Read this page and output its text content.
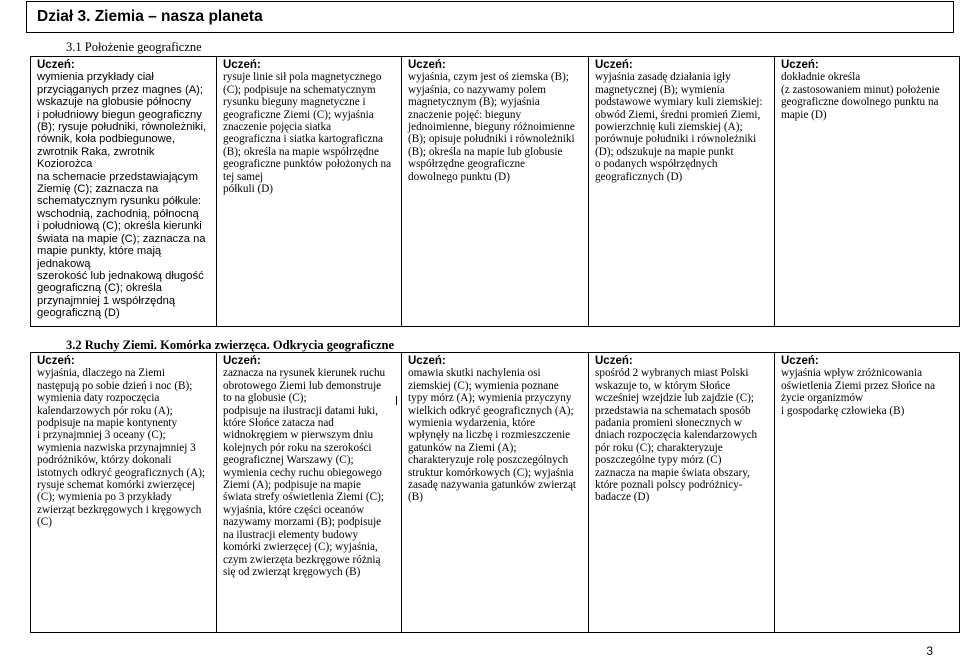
Dział 3. Ziemia – nasza planeta
3.1 Położenie geograficzne
Uczeń:
wymienia przykłady ciał
przyciąganych przez magnes (A);
wskazuje na globusie północny
i południowy biegun geograficzny
(B); rysuje południki, równoleżniki,
równik, koła podbiegunowe,
zwrotnik Raka, zwrotnik Koziorożca
na schemacie przedstawiającym
Ziemię (C); zaznacza na
schematycznym rysunku półkule:
wschodnią, zachodnią, północną
i południową (C); określa kierunki
świata na mapie (C); zaznacza na
mapie punkty, które mają jednakową
szerokość lub jednakową długość
geograficzną (C); określa
przynajmniej 1 współrzędną
geograficzną (D)

Uczeń:
rysuje linie sił pola magnetycznego
(C); podpisuje na schematycznym
rysunku bieguny magnetyczne i
geograficzne Ziemi (C); wyjaśnia
znaczenie pojęcia siatka
geograficzna i siatka kartograficzna
(B); określa na mapie współrzędne
geograficzne punktów położonych na
tej samej
półkuli (D)

Uczeń:
wyjaśnia, czym jest oś ziemska (B);
wyjaśnia, co nazywamy polem
magnetycznym (B); wyjaśnia
znaczenie pojęć: bieguny
jednoimienne, bieguny różnoimienne
(B); opisuje południki i równoleżniki
(B); określa na mapie lub globusie
współrzędne geograficzne
dowolnego punktu (D)

Uczeń:
wyjaśnia zasadę działania igły
magnetycznej (B); wymienia
podstawowe wymiary kuli ziemskiej:
obwód Ziemi, średni promień Ziemi,
powierzchnię kuli ziemskiej (A);
porównuje południki i równoleżniki
(D); odszukuje na mapie punkt
o podanych współrzędnych
geograficznych (D)

Uczeń:
dokładnie określa
(z zastosowaniem minut) położenie
geograficzne dowolnego punktu na
mapie (D)
3.2 Ruchy Ziemi. Komórka zwierzęca. Odkrycia geograficzne
Uczeń:
wyjaśnia, dlaczego na Ziemi
następują po sobie dzień i noc (B);
wymienia daty rozpoczęcia
kalendarzowych pór roku (A);
podpisuje na mapie kontynenty
i przynajmniej 3 oceany (C);
wymienia nazwiska przynajmniej 3
podróżników, którzy dokonali
istotnych odkryć geograficznych (A);
rysuje schemat komórki zwierzęcej
(C); wymienia po 3 przykłady
zwierząt bezkręgowych i kręgowych
(C)

Uczeń:
zaznacza na rysunek kierunek ruchu
obrotowego Ziemi lub demonstruje
to na globusie (C);
podpisuje na ilustracji datami łuki,
które Słońce zatacza nad
widnokręgiem w pierwszym dniu
kolejnych pór roku na szerokości
geograficznej Warszawy (C);
wymienia cechy ruchu obiegowego
Ziemi (A); podpisuje na mapie
świata strefy oświetlenia Ziemi (C);
wyjaśnia, które części oceanów
nazywamy morzami (B); podpisuje
na ilustracji elementy budowy
komórki zwierzęcej (C); wyjaśnia,
czym zwierzęta bezkręgowe różnią
się od zwierząt kręgowych (B)

Uczeń:
omawia skutki nachylenia osi
ziemskiej (C); wymienia poznane
typy mórz (A); wymienia przyczyny
wielkich odkryć geograficznych (A);
wymienia wydarzenia, które
wpłynęły na liczbę i rozmieszczenie
gatunków na Ziemi (A);
charakteryzuje rolę poszczególnych
struktur komórkowych (C); wyjaśnia
zasadę nazywania gatunków zwierząt
(B)

Uczeń:
spośród 2 wybranych miast Polski
wskazuje to, w którym Słońce
wcześniej wzejdzie lub zajdzie (C);
przedstawia na schematach sposób
padania promieni słonecznych w
dniach rozpoczęcia kalendarzowych
pór roku (C); charakteryzuje
poszczególne typy mórz (C)
zaznacza na mapie świata obszary,
które poznali polscy podróżnicy-
badacze (D)

Uczeń:
wyjaśnia wpływ zróżnicowania
oświetlenia Ziemi przez Słońce na
życie organizmów
i gospodarkę człowieka (B)
3
